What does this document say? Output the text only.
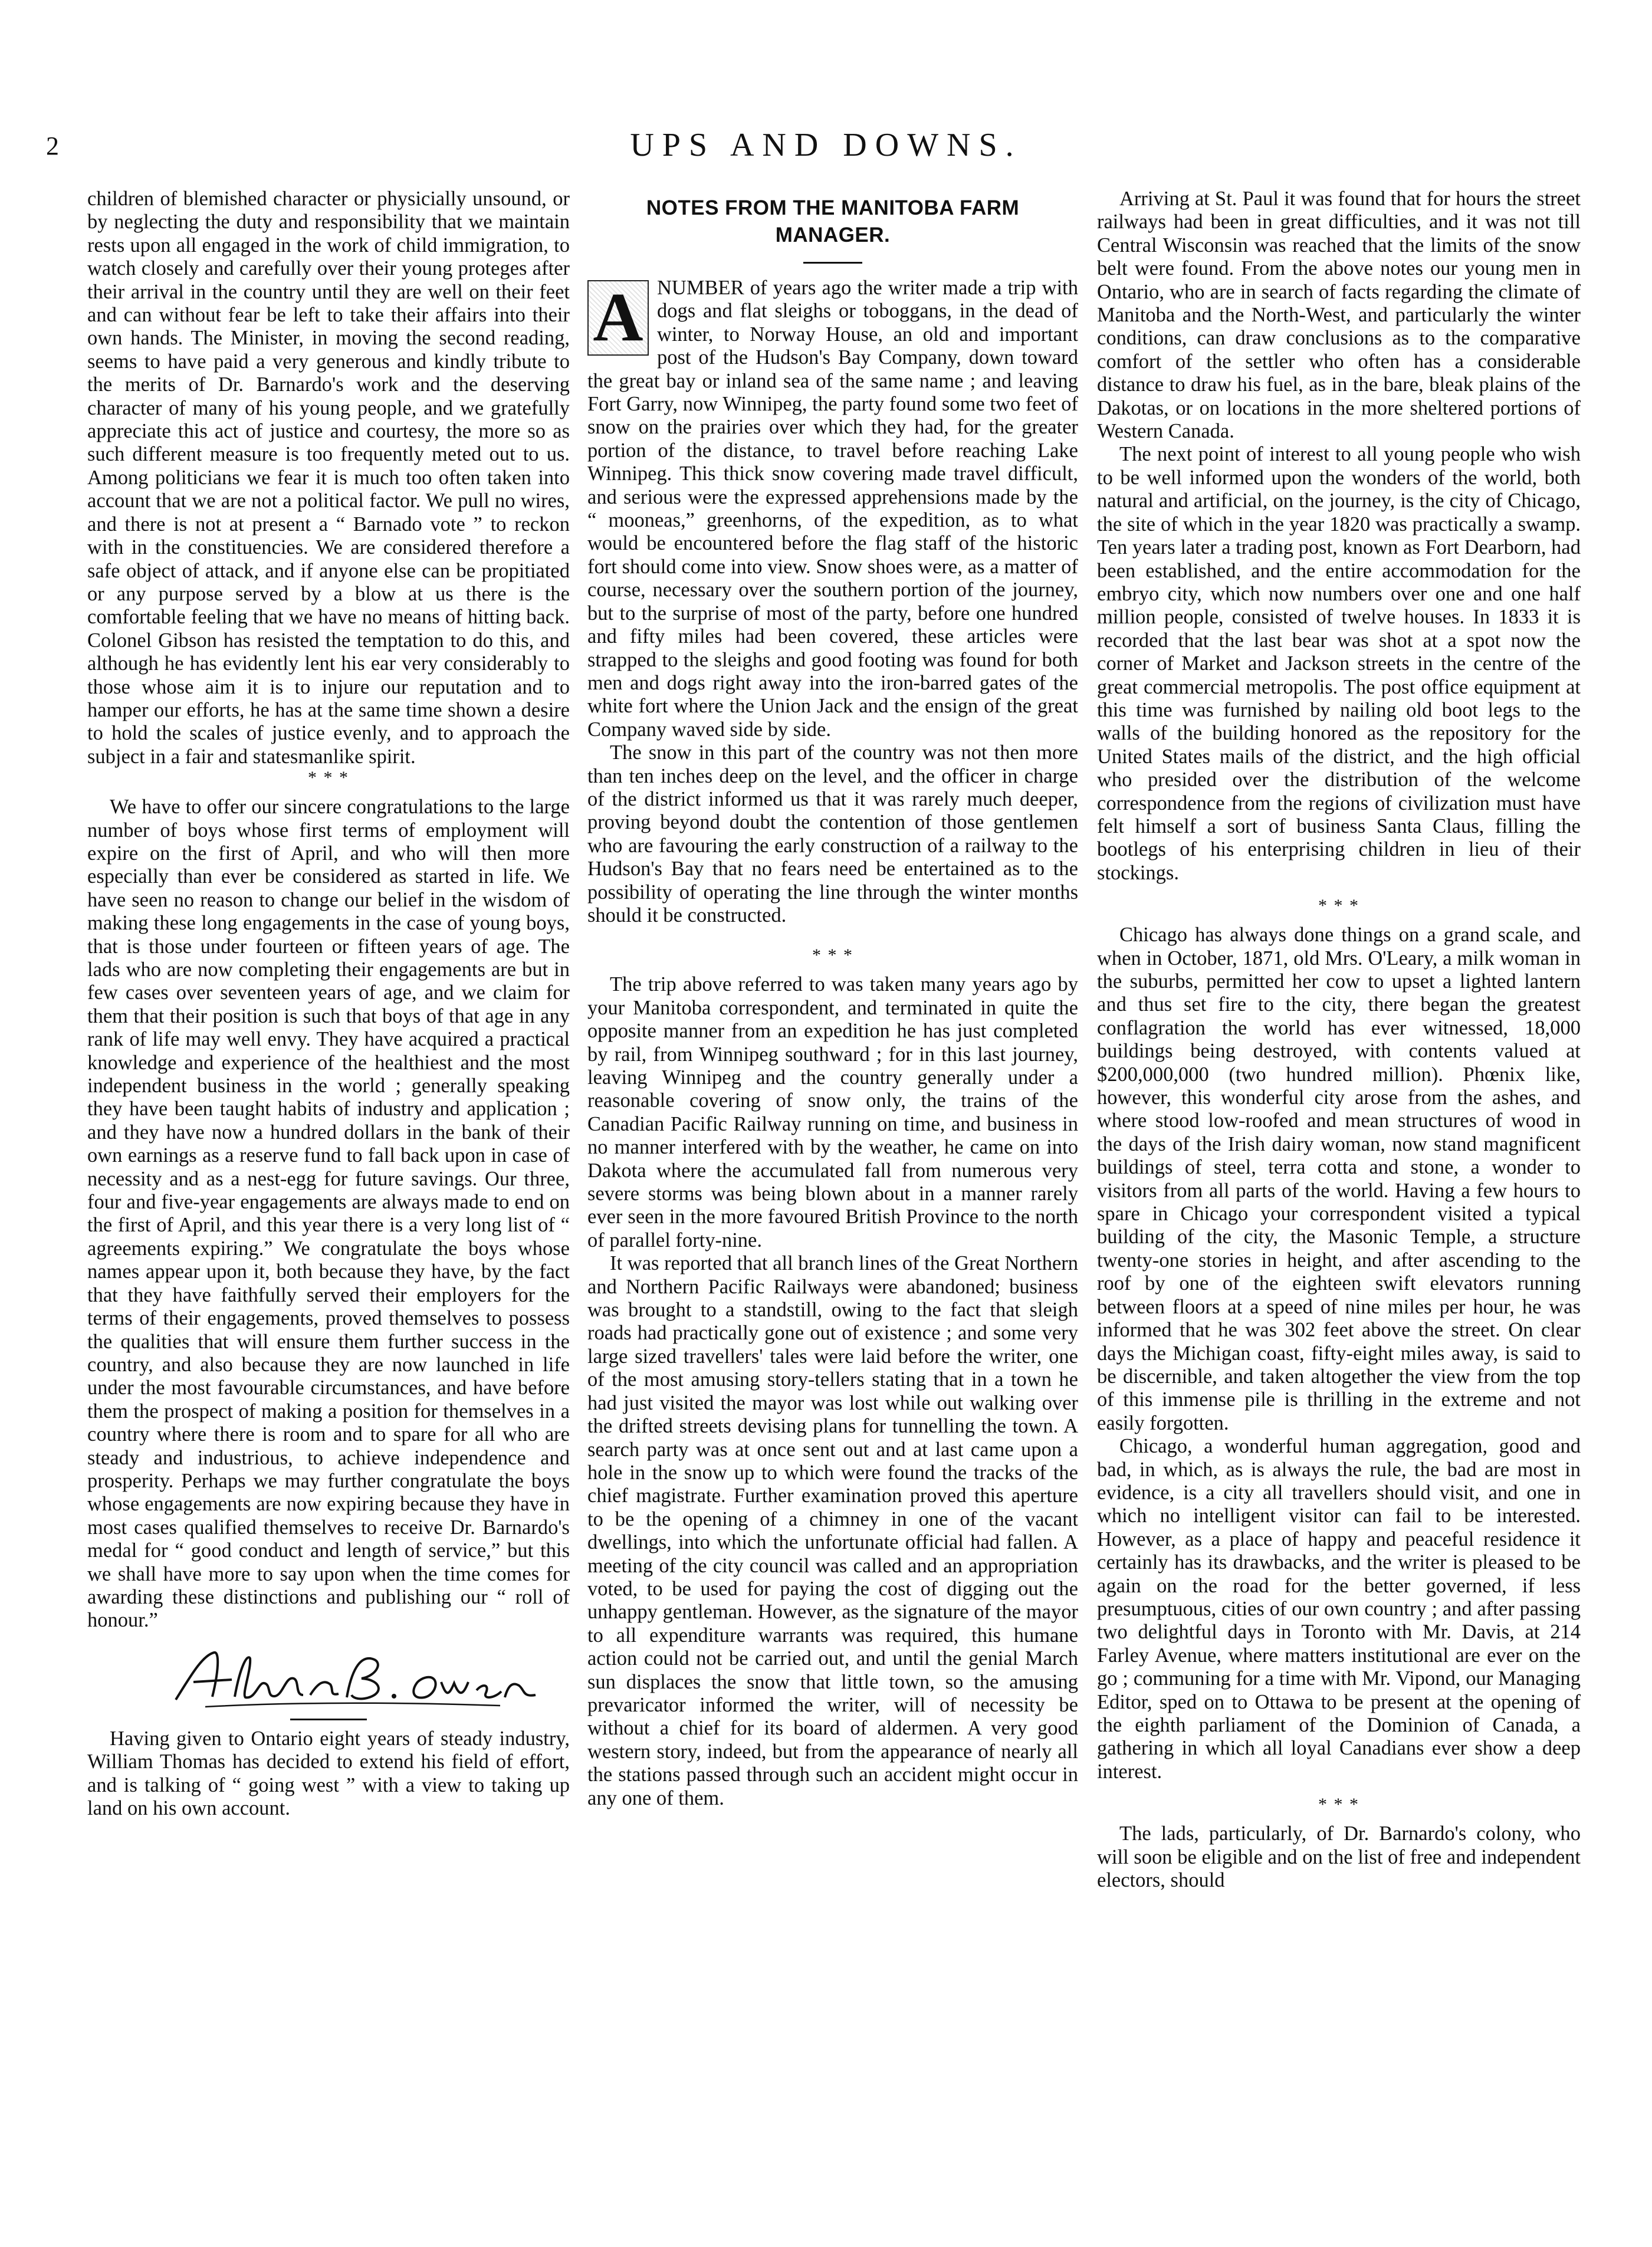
2	UPS AND DOWNS.

children of blemished character or physicially unsound, or by neglecting the duty and responsibility that we maintain rests upon all engaged in the work of child immigration, to watch closely and carefully over their young proteges after their arrival in the country until they are well on their feet and can without fear be left to take their affairs into their own hands. The Minister, in moving the second reading, seems to have paid a very generous and kindly tribute to the merits of Dr. Barnardo's work and the deserving character of many of his young people, and we gratefully appreciate this act of justice and courtesy, the more so as such different measure is too frequently meted out to us. Among politicians we fear it is much too often taken into account that we are not a political factor. We pull no wires, and there is not at present a “ Barnado vote ” to reckon with in the constituencies. We are considered therefore a safe object of attack, and if anyone else can be propitiated or any purpose served by a blow at us there is the comfortable feeling that we have no means of hitting back. Colonel Gibson has resisted the temptation to do this, and although he has evidently lent his ear very considerably to those whose aim it is to injure our reputation and to hamper our efforts, he has at the same time shown a desire to hold the scales of justice evenly, and to approach the subject in a fair and statesmanlike spirit.

* * *

We have to offer our sincere congratulations to the large number of boys whose first terms of employment will expire on the first of April, and who will then more especially than ever be considered as started in life. We have seen no reason to change our belief in the wisdom of making these long engagements in the case of young boys, that is those under fourteen or fifteen years of age. The lads who are now completing their engagements are but in few cases over seventeen years of age, and we claim for them that their position is such that boys of that age in any rank of life may well envy. They have acquired a practical knowledge and experience of the healthiest and the most independent business in the world ; generally speaking they have been taught habits of industry and application ; and they have now a hundred dollars in the bank of their own earnings as a reserve fund to fall back upon in case of necessity and as a nest-egg for future savings. Our three, four and five-year engagements are always made to end on the first of April, and this year there is a very long list of “ agreements expiring.” We congratulate the boys whose names appear upon it, both because they have, by the fact that they have faithfully served their employers for the terms of their engagements, proved themselves to possess the qualities that will ensure them further success in the country, and also because they are now launched in life under the most favourable circumstances, and have before them the prospect of making a position for themselves in a country where there is room and to spare for all who are steady and industrious, to achieve independence and prosperity. Perhaps we may further congratulate the boys whose engagements are now expiring because they have in most cases qualified themselves to receive Dr. Barnardo's medal for “ good conduct and length of service,” but this we shall have more to say upon when the time comes for awarding these distinctions and publishing our “ roll of honour.”

Having given to Ontario eight years of steady industry, William Thomas has decided to extend his field of effort, and is talking of “ going west ” with a view to taking up land on his own account.

NOTES FROM THE MANITOBA FARM MANAGER.
A NUMBER of years ago the writer made a trip with dogs and flat sleighs or toboggans, in the dead of winter, to Norway House, an old and important post of the Hudson's Bay Company, down toward the great bay or inland sea of the same name ; and leaving Fort Garry, now Winnipeg, the party found some two feet of snow on the prairies over which they had, for the greater portion of the distance, to travel before reaching Lake Winnipeg. This thick snow covering made travel difficult, and serious were the expressed apprehensions made by the “ mooneas,” greenhorns, of the expedition, as to what would be encountered before the flag staff of the historic fort should come into view. Snow shoes were, as a matter of course, necessary over the southern portion of the journey, but to the surprise of most of the party, before one hundred and fifty miles had been covered, these articles were strapped to the sleighs and good footing was found for both men and dogs right away into the iron-barred gates of the white fort where the Union Jack and the ensign of the great Company waved side by side.

The snow in this part of the country was not then more than ten inches deep on the level, and the officer in charge of the district informed us that it was rarely much deeper, proving beyond doubt the contention of those gentlemen who are favouring the early construction of a railway to the Hudson's Bay that no fears need be entertained as to the possibility of operating the line through the winter months should it be constructed.

* * *

The trip above referred to was taken many years ago by your Manitoba correspondent, and terminated in quite the opposite manner from an expedition he has just completed by rail, from Winnipeg southward ; for in this last journey, leaving Winnipeg and the country generally under a reasonable covering of snow only, the trains of the Canadian Pacific Railway running on time, and business in no manner interfered with by the weather, he came on into Dakota where the accumulated fall from numerous very severe storms was being blown about in a manner rarely ever seen in the more favoured British Province to the north of parallel forty-nine.

It was reported that all branch lines of the Great Northern and Northern Pacific Railways were abandoned; business was brought to a standstill, owing to the fact that sleigh roads had practically gone out of existence ; and some very large sized travellers' tales were laid before the writer, one of the most amusing story-tellers stating that in a town he had just visited the mayor was lost while out walking over the drifted streets devising plans for tunnelling the town. A search party was at once sent out and at last came upon a hole in the snow up to which were found the tracks of the chief magistrate. Further examination proved this aperture to be the opening of a chimney in one of the vacant dwellings, into which the unfortunate official had fallen. A meeting of the city council was called and an appropriation voted, to be used for paying the cost of digging out the unhappy gentleman. However, as the signature of the mayor to all expenditure warrants was required, this humane action could not be carried out, and until the genial March sun displaces the snow that little town, so the amusing prevaricator informed the writer, will of necessity be without a chief for its board of aldermen. A very good western story, indeed, but from the appearance of nearly all the stations passed through such an accident might occur in any one of them.

Arriving at St. Paul it was found that for hours the street railways had been in great difficulties, and it was not till Central Wisconsin was reached that the limits of the snow belt were found. From the above notes our young men in Ontario, who are in search of facts regarding the climate of Manitoba and the North-West, and particularly the winter conditions, can draw conclusions as to the comparative comfort of the settler who often has a considerable distance to draw his fuel, as in the bare, bleak plains of the Dakotas, or on locations in the more sheltered portions of Western Canada.

The next point of interest to all young people who wish to be well informed upon the wonders of the world, both natural and artificial, on the journey, is the city of Chicago, the site of which in the year 1820 was practically a swamp. Ten years later a trading post, known as Fort Dearborn, had been established, and the entire accommodation for the embryo city, which now numbers over one and one half million people, consisted of twelve houses. In 1833 it is recorded that the last bear was shot at a spot now the corner of Market and Jackson streets in the centre of the great commercial metropolis. The post office equipment at this time was furnished by nailing old boot legs to the walls of the building honored as the repository for the United States mails of the district, and the high official who presided over the distribution of the welcome correspondence from the regions of civilization must have felt himself a sort of business Santa Claus, filling the bootlegs of his enterprising children in lieu of their stockings.

* * *

Chicago has always done things on a grand scale, and when in October, 1871, old Mrs. O'Leary, a milk woman in the suburbs, permitted her cow to upset a lighted lantern and thus set fire to the city, there began the greatest conflagration the world has ever witnessed, 18,000 buildings being destroyed, with contents valued at $200,000,000 (two hundred million). Phœnix like, however, this wonderful city arose from the ashes, and where stood low-roofed and mean structures of wood in the days of the Irish dairy woman, now stand magnificent buildings of steel, terra cotta and stone, a wonder to visitors from all parts of the world. Having a few hours to spare in Chicago your correspondent visited a typical building of the city, the Masonic Temple, a structure twenty-one stories in height, and after ascending to the roof by one of the eighteen swift elevators running between floors at a speed of nine miles per hour, he was informed that he was 302 feet above the street. On clear days the Michigan coast, fifty-eight miles away, is said to be discernible, and taken altogether the view from the top of this immense pile is thrilling in the extreme and not easily forgotten.

Chicago, a wonderful human aggregation, good and bad, in which, as is always the rule, the bad are most in evidence, is a city all travellers should visit, and one in which no intelligent visitor can fail to be interested. However, as a place of happy and peaceful residence it certainly has its drawbacks, and the writer is pleased to be again on the road for the better governed, if less presumptuous, cities of our own country ; and after passing two delightful days in Toronto with Mr. Davis, at 214 Farley Avenue, where matters institutional are ever on the go ; communing for a time with Mr. Vipond, our Managing Editor, sped on to Ottawa to be present at the opening of the eighth parliament of the Dominion of Canada, a gathering in which all loyal Canadians ever show a deep interest.

* * *

The lads, particularly, of Dr. Barnardo's colony, who will soon be eligible and on the list of free and independent electors, should
